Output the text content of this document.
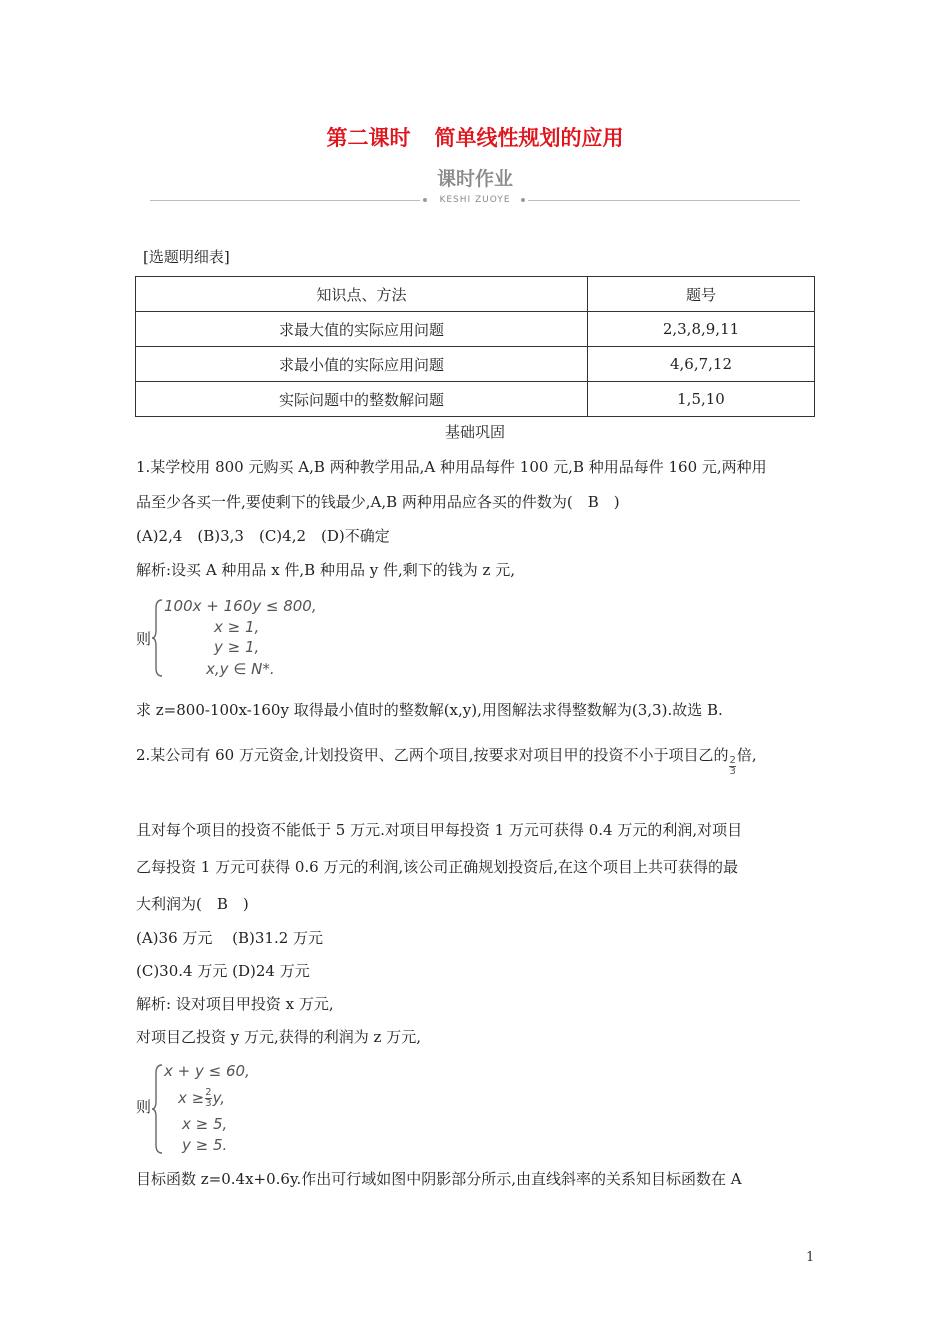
第二课时 简单线性规划的应用
课时作业
KESHI ZUOYE
[选题明细表]
知识点、方法	题号
求最大值的实际应用问题	2,3,8,9,11
求最小值的实际应用问题	4,6,7,12
实际问题中的整数解问题	1,5,10
基础巩固
1.某学校用 800 元购买 A,B 两种教学用品,A 种用品每件 100 元,B 种用品每件 160 元,两种用
品至少各买一件,要使剩下的钱最少,A,B 两种用品应各买的件数为(　B　)
(A)2,4　(B)3,3　(C)4,2　(D)不确定
解析:设买 A 种用品 x 件,B 种用品 y 件,剩下的钱为 z 元,
则
100x + 160y ≤ 800,
x ≥ 1,
y ≥ 1,
x,y ∈ N*.
求 z=800-100x-160y 取得最小值时的整数解(x,y),用图解法求得整数解为(3,3).故选 B.
2.某公司有 60 万元资金,计划投资甲、乙两个项目,按要求对项目甲的投资不小于项目乙的
$\frac{2}{3}$
倍,
且对每个项目的投资不能低于 5 万元.对项目甲每投资 1 万元可获得 0.4 万元的利润,对项目
乙每投资 1 万元可获得 0.6 万元的利润,该公司正确规划投资后,在这个项目上共可获得的最
大利润为(　B　)
(A)36 万元　 (B)31.2 万元
(C)30.4 万元 (D)24 万元
解析: 设对项目甲投资 x 万元,
对项目乙投资 y 万元,获得的利润为 z 万元,
则
x + y ≤ 60,
$x \ge \frac{2}{3} y$,
x ≥ 5,
y ≥ 5.
目标函数 z=0.4x+0.6y.作出可行域如图中阴影部分所示,由直线斜率的关系知目标函数在 A
1
